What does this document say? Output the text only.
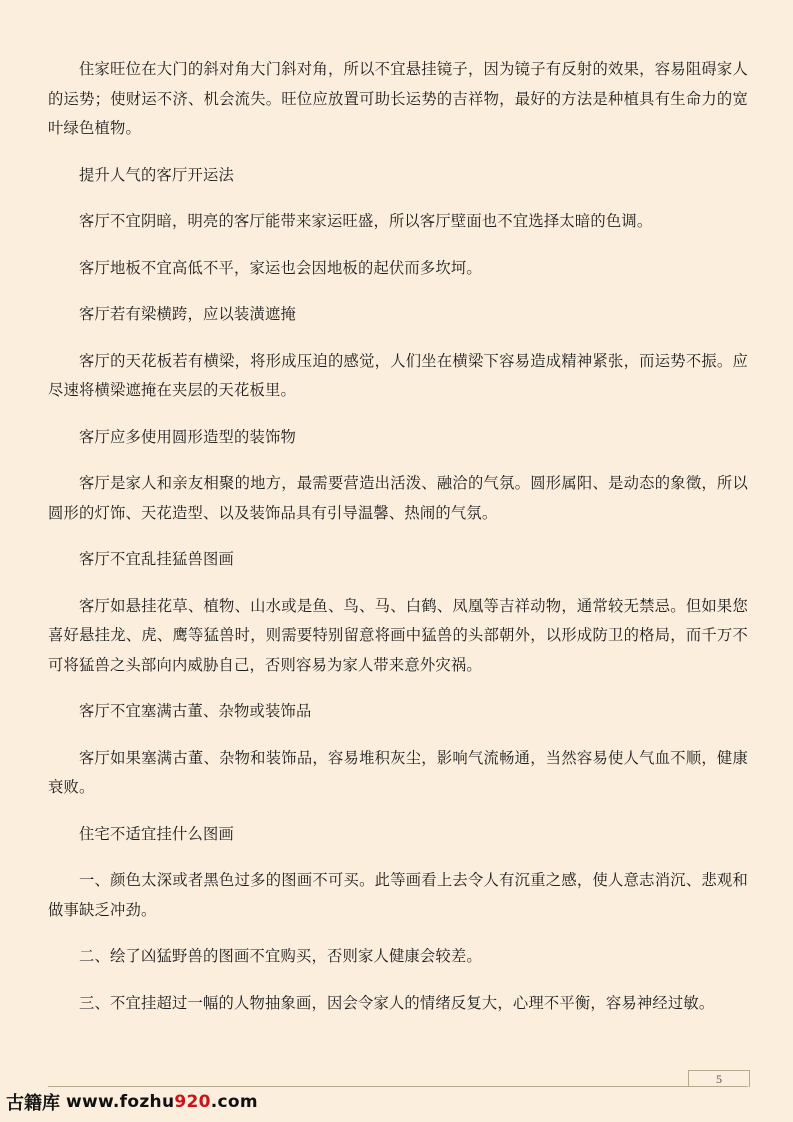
住家旺位在大门的斜对角大门斜对角，所以不宜悬挂镜子，因为镜子有反射的效果，容易阻碍家人的运势；使财运不济、机会流失。旺位应放置可助长运势的吉祥物，最好的方法是种植具有生命力的宽叶绿色植物。

提升人气的客厅开运法

客厅不宜阴暗，明亮的客厅能带来家运旺盛，所以客厅壁面也不宜选择太暗的色调。

客厅地板不宜高低不平，家运也会因地板的起伏而多坎坷。

客厅若有梁横跨，应以装潢遮掩

客厅的天花板若有横梁，将形成压迫的感觉，人们坐在横梁下容易造成精神紧张，而运势不振。应尽速将横梁遮掩在夹层的天花板里。

客厅应多使用圆形造型的装饰物

客厅是家人和亲友相聚的地方，最需要营造出活泼、融洽的气氛。圆形属阳、是动态的象徵，所以圆形的灯饰、天花造型、以及装饰品具有引导温馨、热闹的气氛。

客厅不宜乱挂猛兽图画

客厅如悬挂花草、植物、山水或是鱼、鸟、马、白鹤、凤凰等吉祥动物，通常较无禁忌。但如果您喜好悬挂龙、虎、鹰等猛兽时，则需要特别留意将画中猛兽的头部朝外，以形成防卫的格局，而千万不可将猛兽之头部向内威胁自己，否则容易为家人带来意外灾祸。

客厅不宜塞满古董、杂物或装饰品

客厅如果塞满古董、杂物和装饰品，容易堆积灰尘，影响气流畅通，当然容易使人气血不顺，健康衰败。

住宅不适宜挂什么图画

一、颜色太深或者黑色过多的图画不可买。此等画看上去令人有沉重之感，使人意志消沉、悲观和做事缺乏冲劲。

二、绘了凶猛野兽的图画不宜购买，否则家人健康会较差。

三、不宜挂超过一幅的人物抽象画，因会令家人的情绪反复大，心理不平衡，容易神经过敏。

5
古籍库 www.fozhu920.com
